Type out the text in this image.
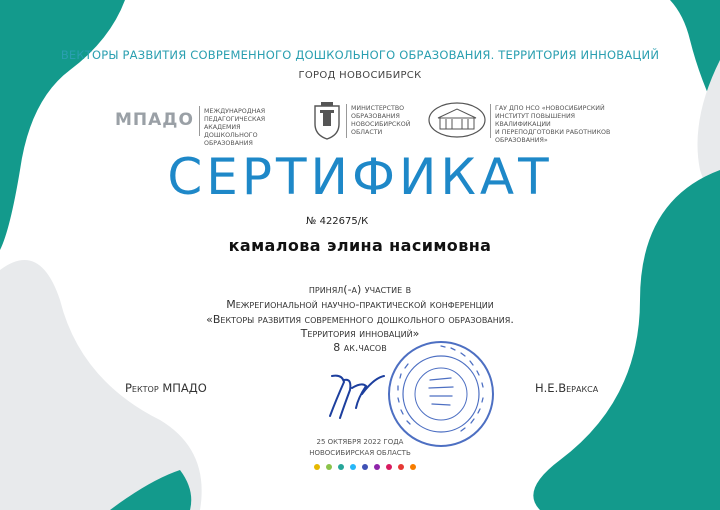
ВЕКТОРЫ РАЗВИТИЯ СОВРЕМЕННОГО ДОШКОЛЬНОГО ОБРАЗОВАНИЯ. ТЕРРИТОРИЯ ИННОВАЦИЙ
ГОРОД НОВОСИБИРСК
МПАДО МЕЖДУНАРОДНАЯ
ПЕДАГОГИЧЕСКАЯ АКАДЕМИЯ
ДОШКОЛЬНОГО ОБРАЗОВАНИЯ
МИНИСТЕРСТВО
ОБРАЗОВАНИЯ
НОВОСИБИРСКОЙ
ОБЛАСТИ
ГАУ ДПО НСО «НОВОСИБИРСКИЙ
ИНСТИТУТ ПОВЫШЕНИЯ КВАЛИФИКАЦИИ
И ПЕРЕПОДГОТОВКИ РАБОТНИКОВ
ОБРАЗОВАНИЯ»
СЕРТИФИКАТ
№ 422675/К
камалова элина насимовна
принял(-а) участие в
Межрегиональной научно-практической конференции
«Векторы развития современного дошкольного образования.
Территория инноваций»
8 ак.часов
Ректор МПАДО	Н.Е.Веракса
25 ОКТЯБРЯ 2022 ГОДА
НОВОСИБИРСКАЯ ОБЛАСТЬ
